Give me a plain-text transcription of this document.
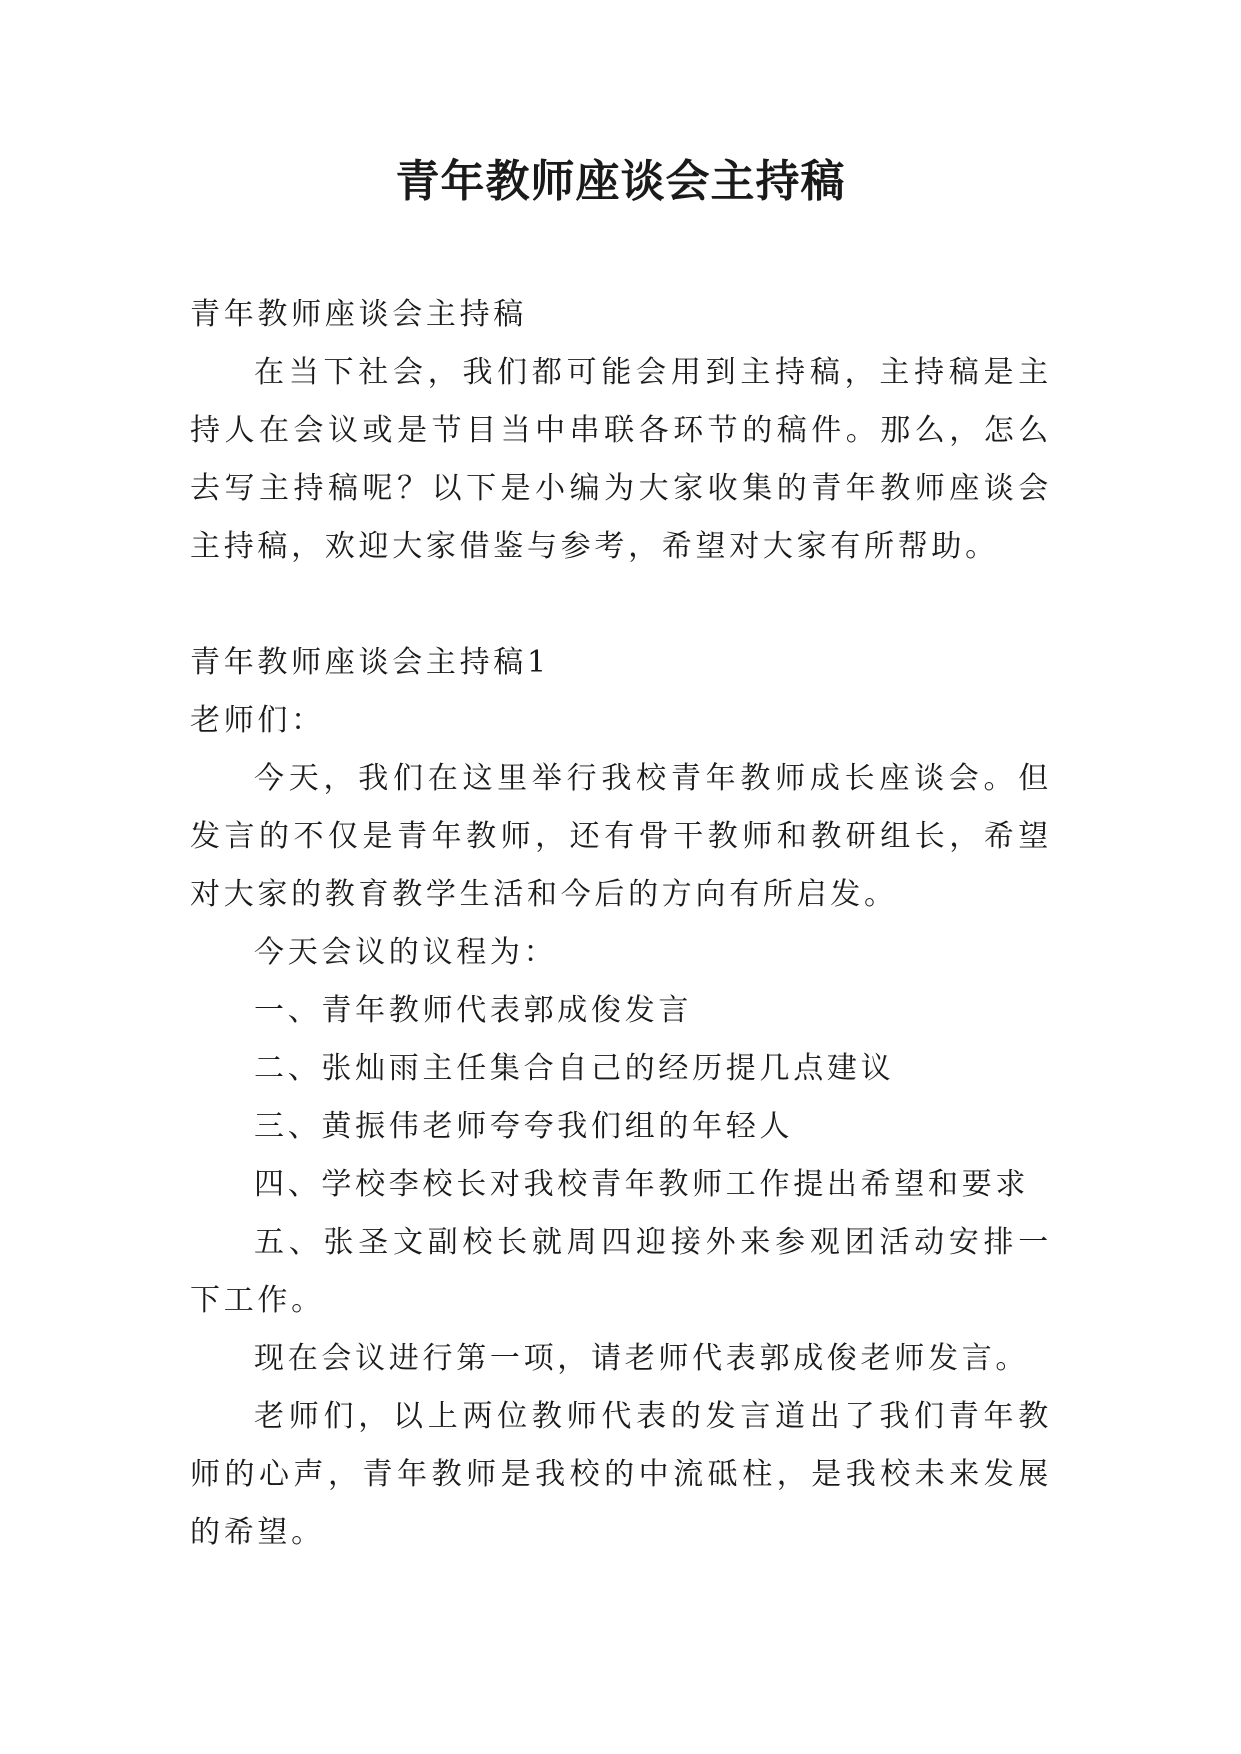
青年教师座谈会主持稿
青年教师座谈会主持稿
在当下社会，我们都可能会用到主持稿，主持稿是主持人在会议或是节目当中串联各环节的稿件。那么，怎么去写主持稿呢？以下是小编为大家收集的青年教师座谈会主持稿，欢迎大家借鉴与参考，希望对大家有所帮助。
青年教师座谈会主持稿1
老师们：
今天，我们在这里举行我校青年教师成长座谈会。但发言的不仅是青年教师，还有骨干教师和教研组长，希望对大家的教育教学生活和今后的方向有所启发。
今天会议的议程为：
一、青年教师代表郭成俊发言
二、张灿雨主任集合自己的经历提几点建议
三、黄振伟老师夸夸我们组的年轻人
四、学校李校长对我校青年教师工作提出希望和要求
五、张圣文副校长就周四迎接外来参观团活动安排一下工作。
现在会议进行第一项，请老师代表郭成俊老师发言。
老师们，以上两位教师代表的发言道出了我们青年教师的心声，青年教师是我校的中流砥柱，是我校未来发展的希望。
